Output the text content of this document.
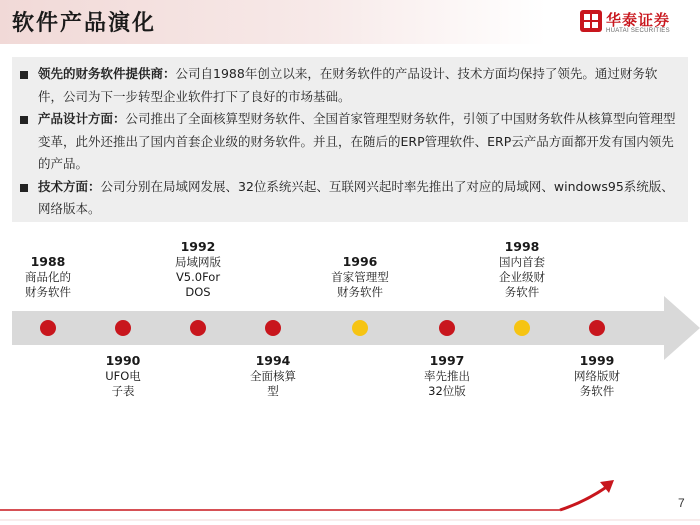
软件产品演化	华泰证券
HUATAI SECURITIES
领先的财务软件提供商：公司自1988年创立以来，在财务软件的产品设计、技术方面均保持了领先。通过财务软件，公司为下一步转型企业软件打下了良好的市场基础。
产品设计方面：公司推出了全面核算型财务软件、全国首家管理型财务软件，引领了中国财务软件从核算型向管理型变革，此外还推出了国内首套企业级的财务软件。并且，在随后的ERP管理软件、ERP云产品方面都开发有国内领先的产品。
技术方面：公司分别在局域网发展、32位系统兴起、互联网兴起时率先推出了对应的局域网、windows95系统版、网络版本。
1988
商品化的
财务软件
1990
UFO电
子表
1992
局域网版
V5.0For
DOS
1994
全面核算
型
1996
首家管理型
财务软件
1997
率先推出
32位版
1998
国内首套
企业级财
务软件
1999
网络版财
务软件
7
